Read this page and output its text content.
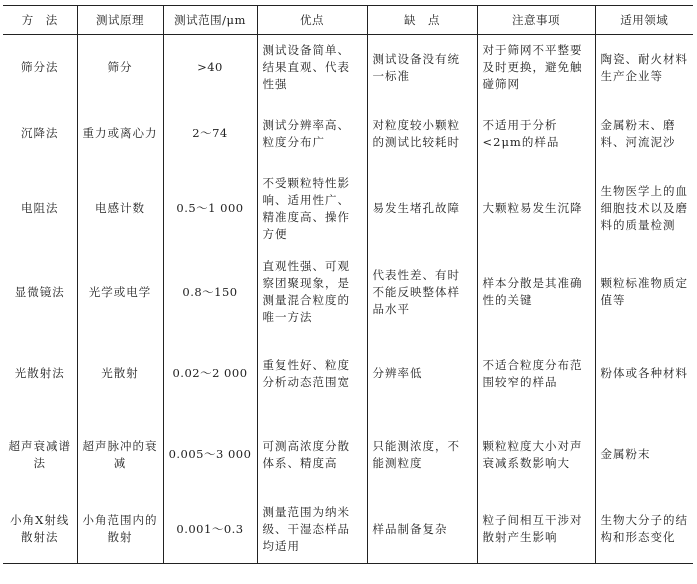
方　法	测试原理	测试范围/μm	优点	缺　点	注意事项	适用领域
筛分法	筛分	>40	测试设备简单、结果直观、代表性强	测试设备没有统一标准	对于筛网不平整要及时更换，避免触碰筛网	陶瓷、耐火材料生产企业等
沉降法	重力或离心力	2～74	测试分辨率高、粒度分布广	对粒度较小颗粒的测试比较耗时	不适用于分析<2μm的样品	金属粉末、磨料、河流泥沙
电阻法	电感计数	0.5～1 000	不受颗粒特性影响、适用性广、精准度高、操作方便	易发生堵孔故障	大颗粒易发生沉降	生物医学上的血细胞技术以及磨料的质量检测
显微镜法	光学或电学	0.8～150	直观性强、可观察团聚现象，是测量混合粒度的唯一方法	代表性差、有时不能反映整体样品水平	样本分散是其准确性的关键	颗粒标准物质定值等
光散射法	光散射	0.02～2 000	重复性好、粒度分析动态范围宽	分辨率低	不适合粒度分布范围较窄的样品	粉体或各种材料
超声衰减谱法	超声脉冲的衰减	0.005～3 000	可测高浓度分散体系、精度高	只能测浓度，不能测粒度	颗粒粒度大小对声衰减系数影响大	金属粉末
小角X射线散射法	小角范围内的散射	0.001～0.3	测量范围为纳米级、干湿态样品均适用	样品制备复杂	粒子间相互干涉对散射产生影响	生物大分子的结构和形态变化
